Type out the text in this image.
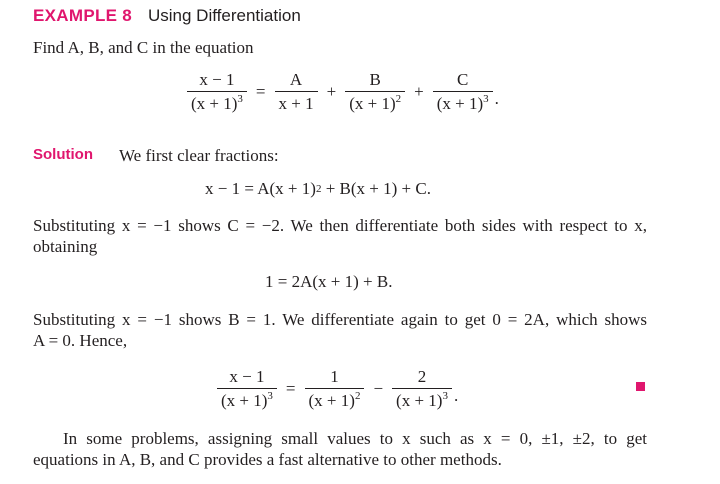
EXAMPLE 8 Using Differentiation

Find A, B, and C in the equation

$\frac{x - 1}{(x + 1)^3} = \frac{A}{x + 1} + \frac{B}{(x + 1)^2} + \frac{C}{(x + 1)^3}$ .
Solution We first clear fractions:

x − 1 = A(x + 1) 2 + B(x + 1) + C.

Substituting x = −1 shows C = −2. We then differentiate both sides with respect to x,

obtaining

1 = 2A(x + 1) + B.

Substituting x = −1 shows B = 1. We differentiate again to get 0 = 2A, which shows

A = 0. Hence,

$\frac{x - 1}{(x + 1)^3} = \frac{1}{(x + 1)^2} - \frac{2}{(x + 1)^3}$ .

In some problems, assigning small values to x such as x = 0, ±1, ±2, to get

equations in A, B, and C provides a fast alternative to other methods.
